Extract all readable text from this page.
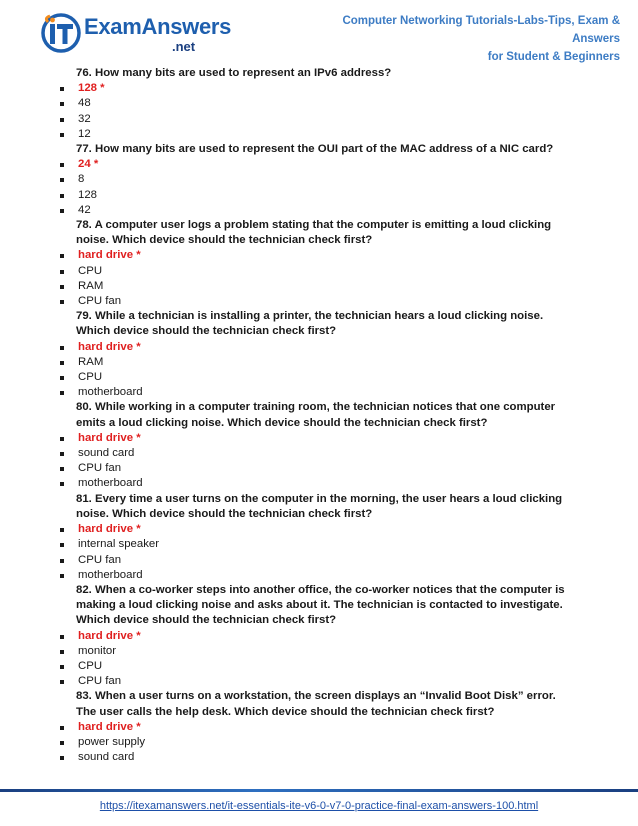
ExamAnswers
.net
Computer Networking Tutorials-Labs-Tips, Exam & Answers
for Student & Beginners
76. How many bits are used to represent an IPv6 address?
128 *
48
32
12
77. How many bits are used to represent the OUI part of the MAC address of a NIC card?
24 *
8
128
42
78. A computer user logs a problem stating that the computer is emitting a loud clicking noise. Which device should the technician check first?
hard drive *
CPU
RAM
CPU fan
79. While a technician is installing a printer, the technician hears a loud clicking noise. Which device should the technician check first?
hard drive *
RAM
CPU
motherboard
80. While working in a computer training room, the technician notices that one computer emits a loud clicking noise. Which device should the technician check first?
hard drive *
sound card
CPU fan
motherboard
81. Every time a user turns on the computer in the morning, the user hears a loud clicking noise. Which device should the technician check first?
hard drive *
internal speaker
CPU fan
motherboard
82. When a co-worker steps into another office, the co-worker notices that the computer is making a loud clicking noise and asks about it. The technician is contacted to investigate. Which device should the technician check first?
hard drive *
monitor
CPU
CPU fan
83. When a user turns on a workstation, the screen displays an “Invalid Boot Disk” error. The user calls the help desk. Which device should the technician check first?
hard drive *
power supply
sound card
https://itexamanswers.net/it-essentials-ite-v6-0-v7-0-practice-final-exam-answers-100.html
